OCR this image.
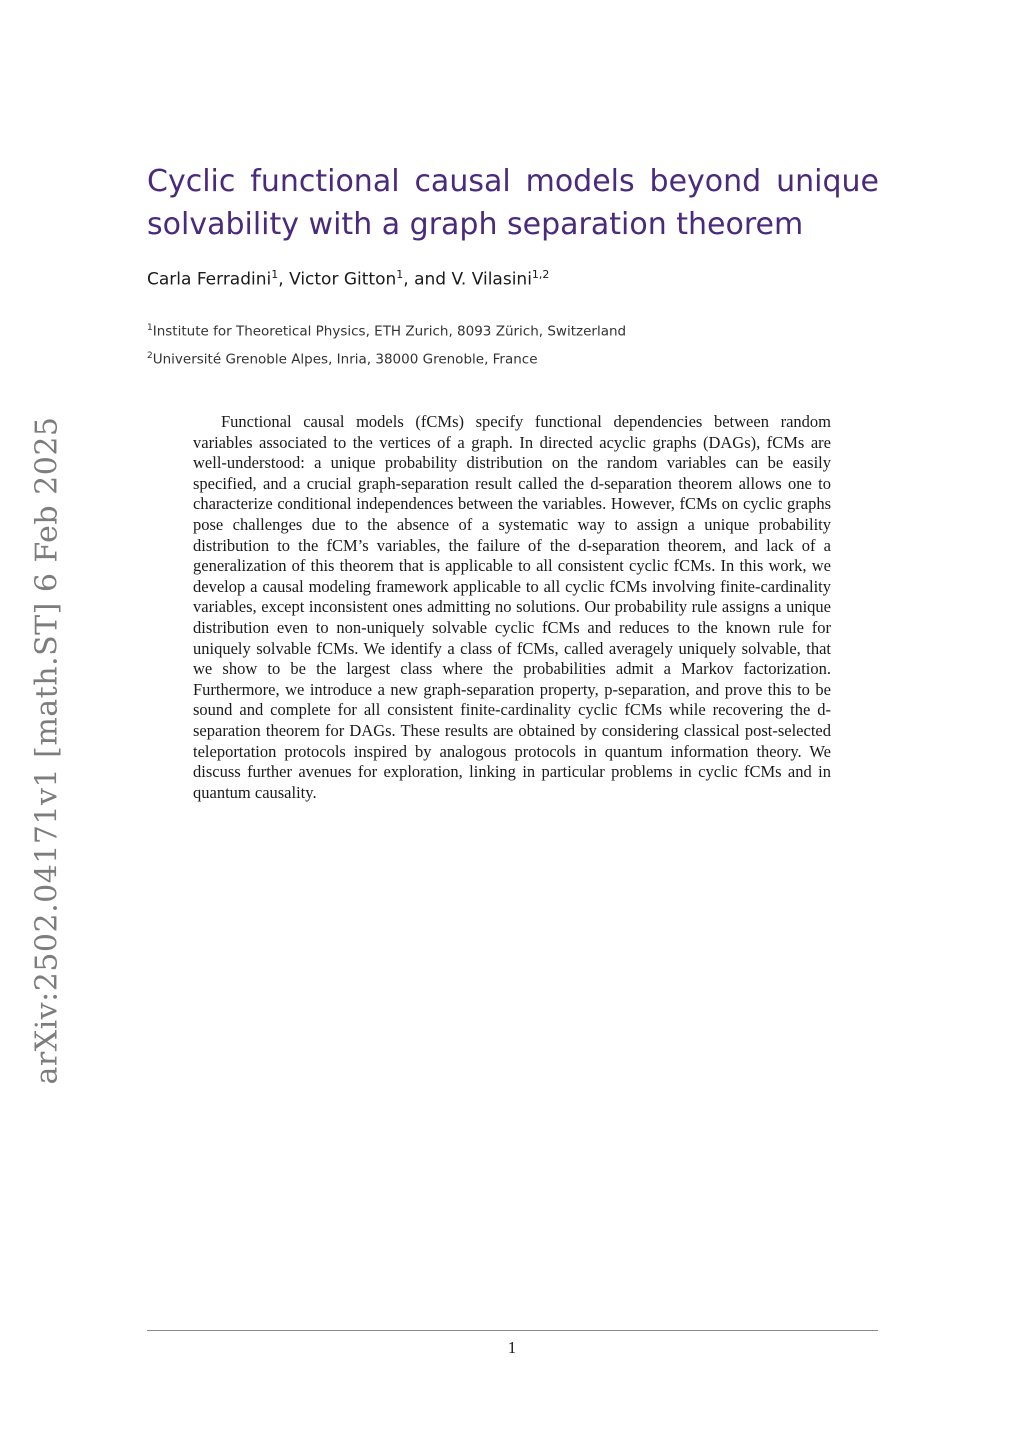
arXiv:2502.04171v1 [math.ST] 6 Feb 2025
Cyclic functional causal models beyond unique solvability with a graph separation theorem

Carla Ferradini$^1$, Victor Gitton$^1$, and V. Vilasini$^{1,2}$

$^1$Institute for Theoretical Physics, ETH Zurich, 8093 Zürich, Switzerland
$^2$Université Grenoble Alpes, Inria, 38000 Grenoble, France

Functional causal models (fCMs) specify functional dependencies between random variables associated to the vertices of a graph. In directed acyclic graphs (DAGs), fCMs are well-understood: a unique probability distribution on the random variables can be easily specified, and a crucial graph-separation result called the d-separation theorem allows one to characterize conditional independences between the variables. However, fCMs on cyclic graphs pose challenges due to the absence of a systematic way to assign a unique probability distribution to the fCM’s variables, the failure of the d-separation theorem, and lack of a generalization of this theorem that is applicable to all consistent cyclic fCMs. In this work, we develop a causal modeling framework applicable to all cyclic fCMs involving finite-cardinality variables, except inconsistent ones admitting no solutions. Our probability rule assigns a unique distribution even to non-uniquely solvable cyclic fCMs and reduces to the known rule for uniquely solvable fCMs. We identify a class of fCMs, called averagely uniquely solvable, that we show to be the largest class where the probabilities admit a Markov factorization. Furthermore, we introduce a new graph-separation property, p-separation, and prove this to be sound and complete for all consistent finite-cardinality cyclic fCMs while recovering the d-separation theorem for DAGs. These results are obtained by considering classical post-selected teleportation protocols inspired by analogous protocols in quantum information theory. We discuss further avenues for exploration, linking in particular problems in cyclic fCMs and in quantum causality.

1
